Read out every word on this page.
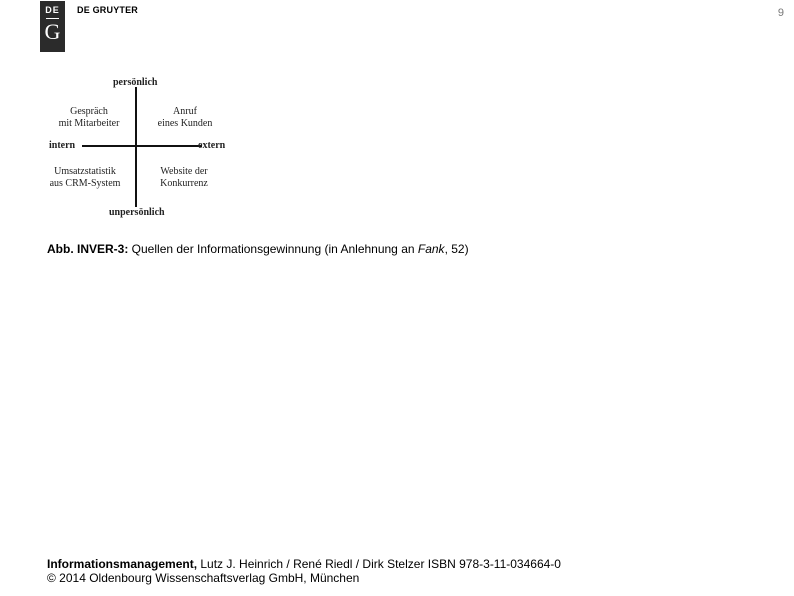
DE
G
DE GRUYTER	9
persönlich
unpersönlich
intern	extern
Gespräch
mit Mitarbeiter
Anruf
eines Kunden
Umsatzstatistik
aus CRM-System
Website der
Konkurrenz
Abb. INVER-3: Quellen der Informationsgewinnung (in Anlehnung an Fank, 52)
Informationsmanagement, Lutz J. Heinrich / René Riedl / Dirk Stelzer ISBN 978-3-11-034664-0
© 2014 Oldenbourg Wissenschaftsverlag GmbH, München
